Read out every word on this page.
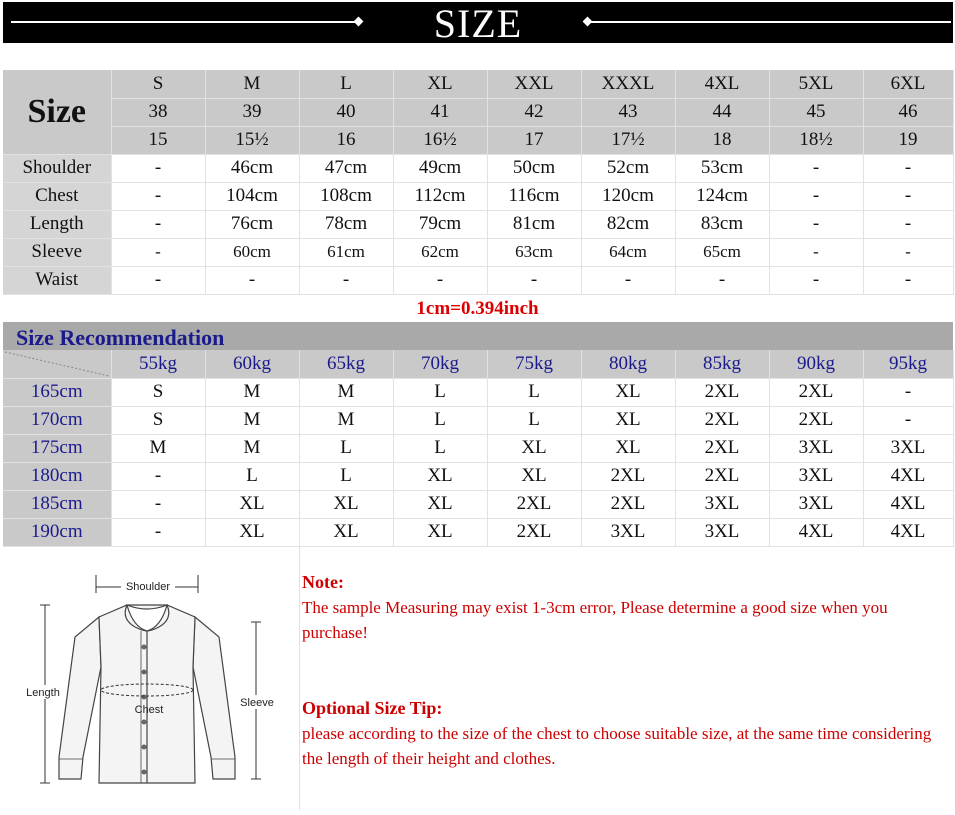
SIZE
Size	S	M	L	XL	XXL	XXXL	4XL	5XL	6XL
	38	39	40	41	42	43	44	45	46
	15	15½	16	16½	17	17½	18	18½	19
Shoulder	-	46cm	47cm	49cm	50cm	52cm	53cm	-	-
Chest	-	104cm	108cm	112cm	116cm	120cm	124cm	-	-
Length	-	76cm	78cm	79cm	81cm	82cm	83cm	-	-
Sleeve	-	60cm	61cm	62cm	63cm	64cm	65cm	-	-
Waist	-	-	-	-	-	-	-	-	-
1cm=0.394inch
Size Recommendation
	55kg	60kg	65kg	70kg	75kg	80kg	85kg	90kg	95kg
165cm	S	M	M	L	L	XL	2XL	2XL	-
170cm	S	M	M	L	L	XL	2XL	2XL	-
175cm	M	M	L	L	XL	XL	2XL	3XL	3XL
180cm	-	L	L	XL	XL	2XL	2XL	3XL	4XL
185cm	-	XL	XL	XL	2XL	2XL	3XL	3XL	4XL
190cm	-	XL	XL	XL	2XL	3XL	3XL	4XL	4XL
Shoulder
Length
Sleeve
Chest

Note:

The sample Measuring may exist 1-3cm error, Please determine a good size when you purchase!

Optional Size Tip:

please according to the size of the chest to choose suitable size, at the same time considering the length of their height and clothes.
